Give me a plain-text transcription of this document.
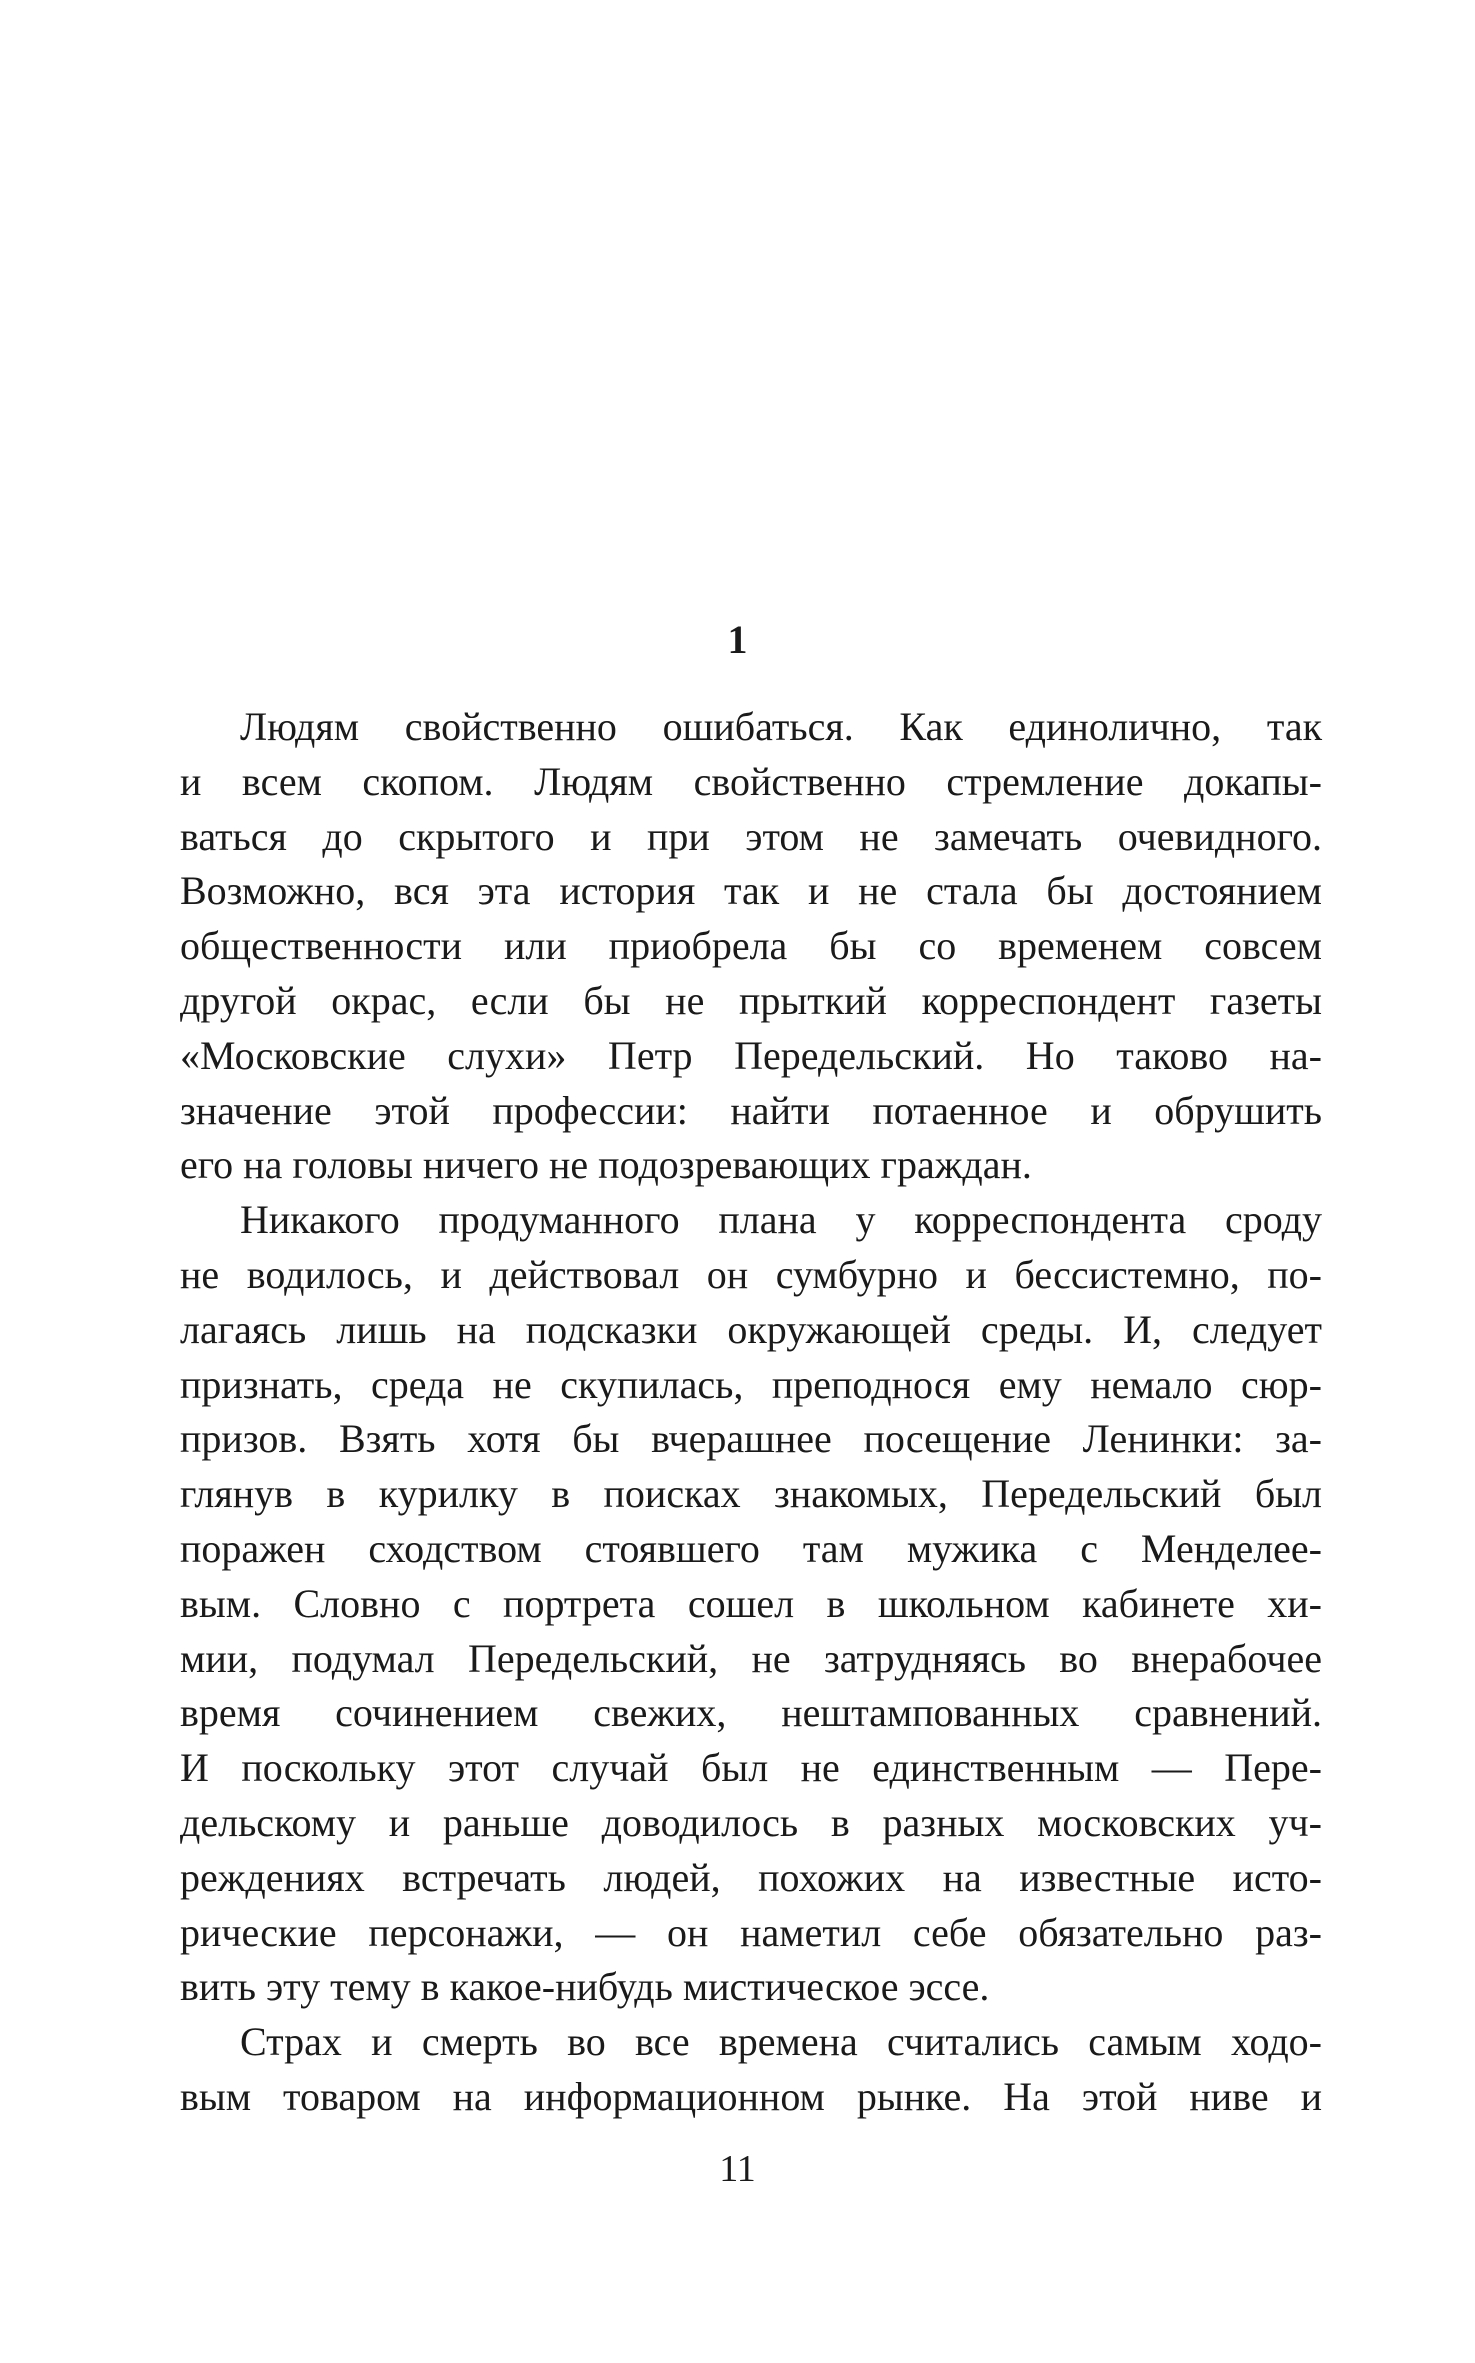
1
Людям свойственно ошибаться. Как единолично, так
и всем скопом. Людям свойственно стремление докапы-
ваться до скрытого и при этом не замечать очевидного.
Возможно, вся эта история так и не стала бы достоянием
общественности или приобрела бы со временем совсем
другой окрас, если бы не прыткий корреспондент газеты
«Московские слухи» Петр Передельский. Но таково на-
значение этой профессии: найти потаенное и обрушить
его на головы ничего не подозревающих граждан.
Никакого продуманного плана у корреспондента сроду
не водилось, и действовал он сумбурно и бессистемно, по-
лагаясь лишь на подсказки окружающей среды. И, следует
признать, среда не скупилась, преподнося ему немало сюр-
призов. Взять хотя бы вчерашнее посещение Ленинки: за-
глянув в курилку в поисках знакомых, Передельский был
поражен сходством стоявшего там мужика с Менделее-
вым. Словно с портрета сошел в школьном кабинете хи-
мии, подумал Передельский, не затрудняясь во внерабочее
время сочинением свежих, нештампованных сравнений.
И поскольку этот случай был не единственным — Пере-
дельскому и раньше доводилось в разных московских уч-
реждениях встречать людей, похожих на известные исто-
рические персонажи, — он наметил себе обязательно раз-
вить эту тему в какое-нибудь мистическое эссе.
Страх и смерть во все времена считались самым ходо-
вым товаром на информационном рынке. На этой ниве и
11
